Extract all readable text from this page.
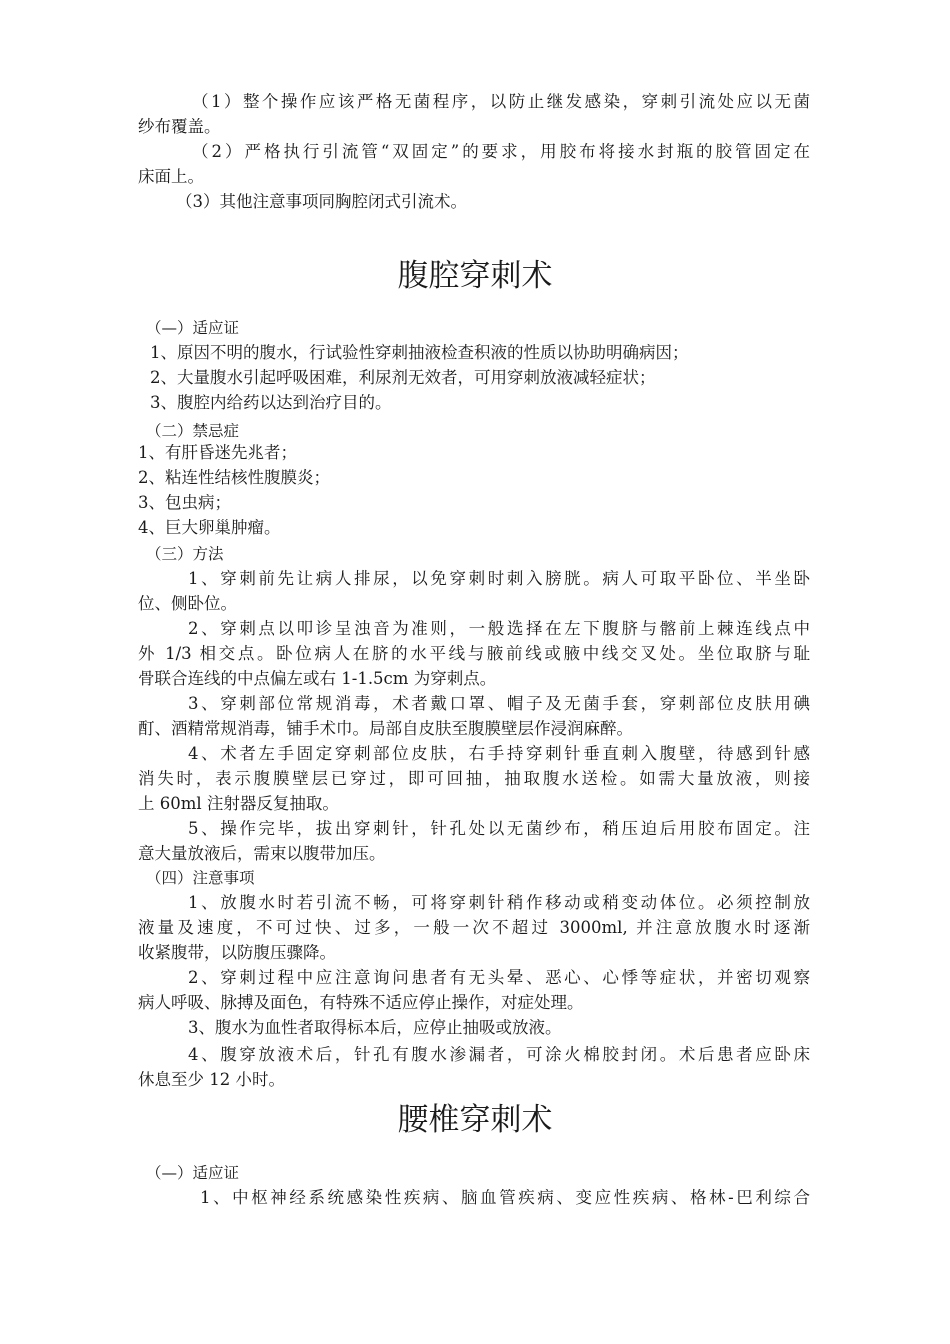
（1）整个操作应该严格无菌程序，以防止继发感染，穿刺引流处应以无菌
纱布覆盖。
（2）严格执行引流管“双固定”的要求，用胶布将接水封瓶的胶管固定在
床面上。
（3）其他注意事项同胸腔闭式引流术。
腹腔穿刺术
（—）适应证
1、原因不明的腹水，行试验性穿刺抽液检查积液的性质以协助明确病因；
2、大量腹水引起呼吸困难，利尿剂无效者，可用穿刺放液减轻症状；
3、腹腔内给药以达到治疗目的。
（二）禁忌症
1、有肝昏迷先兆者；
2、粘连性结核性腹膜炎；
3、包虫病；
4、巨大卵巢肿瘤。
（三）方法
1、穿刺前先让病人排尿，以免穿刺时刺入膀胱。病人可取平卧位、半坐卧
位、侧卧位。
2、穿刺点以叩诊呈浊音为准则，一般选择在左下腹脐与髂前上棘连线点中
外 1/3 相交点。卧位病人在脐的水平线与腋前线或腋中线交叉处。坐位取脐与耻
骨联合连线的中点偏左或右 1-1.5cm 为穿刺点。
3、穿刺部位常规消毒，术者戴口罩、帽子及无菌手套，穿刺部位皮肤用碘
酊、酒精常规消毒，铺手术巾。局部自皮肤至腹膜壁层作浸润麻醉。
4、术者左手固定穿刺部位皮肤，右手持穿刺针垂直刺入腹壁，待感到针感
消失时，表示腹膜壁层已穿过，即可回抽，抽取腹水送检。如需大量放液，则接
上 60ml 注射器反复抽取。
5、操作完毕，拔出穿刺针，针孔处以无菌纱布，稍压迫后用胶布固定。注
意大量放液后，需束以腹带加压。
（四）注意事项
1、放腹水时若引流不畅，可将穿刺针稍作移动或稍变动体位。必须控制放
液量及速度，不可过快、过多，一般一次不超过 3000ml, 并注意放腹水时逐渐
收紧腹带，以防腹压骤降。
2、穿刺过程中应注意询问患者有无头晕、恶心、心悸等症状，并密切观察
病人呼吸、脉搏及面色，有特殊不适应停止操作，对症处理。
3、腹水为血性者取得标本后，应停止抽吸或放液。
4、腹穿放液术后，针孔有腹水渗漏者，可涂火棉胶封闭。术后患者应卧床
休息至少 12 小时。
腰椎穿刺术
（—）适应证
1、中枢神经系统感染性疾病、脑血管疾病、变应性疾病、格林-巴利综合
